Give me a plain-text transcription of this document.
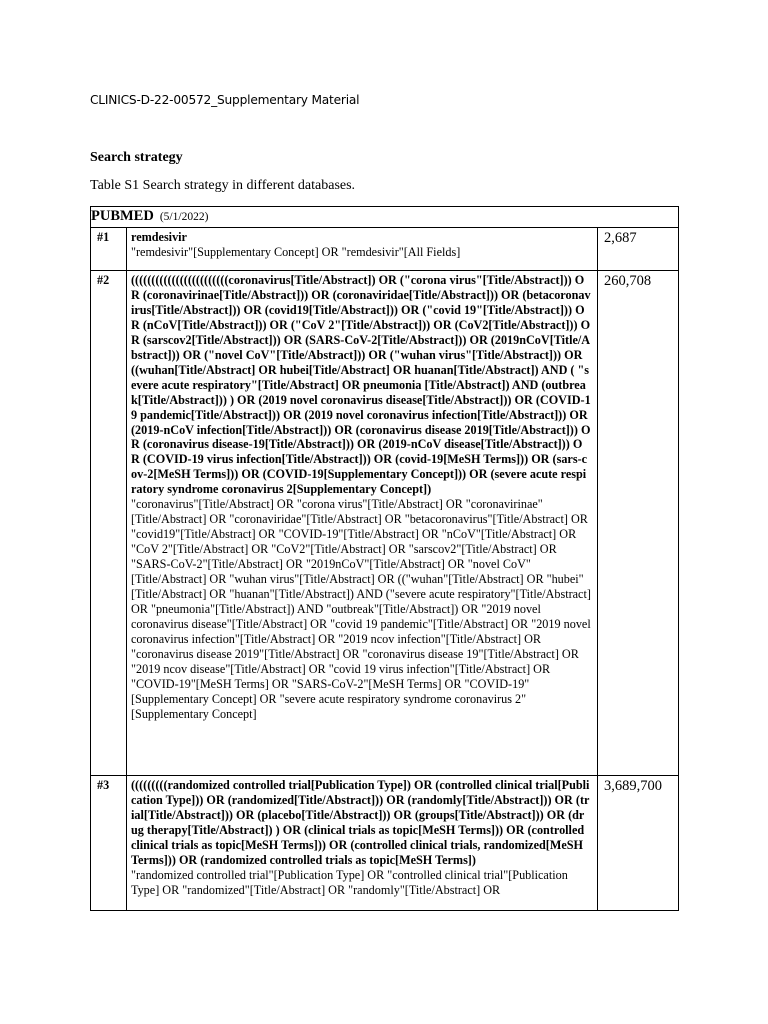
CLINICS-D-22-00572_Supplementary Material
Search strategy
Table S1 Search strategy in different databases.
PUBMED (5/1/2022)		
#1	remdesivir
"remdesivir"[Supplementary Concept] OR "remdesivir"[All Fields]	2,687
#2	((((((((((((((((((((((((coronavirus[Title/Abstract]) OR ("corona virus"[Title/Abstract])) OR (coronavirinae[Title/Abstract])) OR (coronaviridae[Title/Abstract])) OR (betacoronavirus[Title/Abstract])) OR (covid19[Title/Abstract])) OR ("covid 19"[Title/Abstract])) OR (nCoV[Title/Abstract])) OR ("CoV 2"[Title/Abstract])) OR (CoV2[Title/Abstract])) OR (sarscov2[Title/Abstract])) OR (SARS-CoV-2[Title/Abstract])) OR (2019nCoV[Title/Abstract])) OR ("novel CoV"[Title/Abstract])) OR ("wuhan virus"[Title/Abstract])) OR ((wuhan[Title/Abstract] OR hubei[Title/Abstract] OR huanan[Title/Abstract]) AND ( "severe acute respiratory"[Title/Abstract] OR pneumonia [Title/Abstract]) AND (outbreak[Title/Abstract])) ) OR (2019 novel coronavirus disease[Title/Abstract])) OR (COVID-19 pandemic[Title/Abstract])) OR (2019 novel coronavirus infection[Title/Abstract])) OR (2019-nCoV infection[Title/Abstract])) OR (coronavirus disease 2019[Title/Abstract])) OR (coronavirus disease-19[Title/Abstract])) OR (2019-nCoV disease[Title/Abstract])) OR (COVID-19 virus infection[Title/Abstract])) OR (covid-19[MeSH Terms])) OR (sars-cov-2[MeSH Terms])) OR (COVID-19[Supplementary Concept])) OR (severe acute respiratory syndrome coronavirus 2[Supplementary Concept])
"coronavirus"[Title/Abstract] OR "corona virus"[Title/Abstract] OR "coronavirinae"[Title/Abstract] OR "coronaviridae"[Title/Abstract] OR "betacoronavirus"[Title/Abstract] OR "covid19"[Title/Abstract] OR "COVID-19"[Title/Abstract] OR "nCoV"[Title/Abstract] OR "CoV 2"[Title/Abstract] OR "CoV2"[Title/Abstract] OR "sarscov2"[Title/Abstract] OR "SARS-CoV-2"[Title/Abstract] OR "2019nCoV"[Title/Abstract] OR "novel CoV"[Title/Abstract] OR "wuhan virus"[Title/Abstract] OR (("wuhan"[Title/Abstract] OR "hubei"[Title/Abstract] OR "huanan"[Title/Abstract]) AND ("severe acute respiratory"[Title/Abstract] OR "pneumonia"[Title/Abstract]) AND "outbreak"[Title/Abstract]) OR "2019 novel coronavirus disease"[Title/Abstract] OR "covid 19 pandemic"[Title/Abstract] OR "2019 novel coronavirus infection"[Title/Abstract] OR "2019 ncov infection"[Title/Abstract] OR "coronavirus disease 2019"[Title/Abstract] OR "coronavirus disease 19"[Title/Abstract] OR "2019 ncov disease"[Title/Abstract] OR "covid 19 virus infection"[Title/Abstract] OR "COVID-19"[MeSH Terms] OR "SARS-CoV-2"[MeSH Terms] OR "COVID-19"[Supplementary Concept] OR "severe acute respiratory syndrome coronavirus 2"[Supplementary Concept]	260,708
#3	(((((((((randomized controlled trial[Publication Type]) OR (controlled clinical trial[Publication Type])) OR (randomized[Title/Abstract])) OR (randomly[Title/Abstract])) OR (trial[Title/Abstract])) OR (placebo[Title/Abstract])) OR (groups[Title/Abstract])) OR (drug therapy[Title/Abstract]) ) OR (clinical trials as topic[MeSH Terms])) OR (controlled clinical trials as topic[MeSH Terms])) OR (controlled clinical trials, randomized[MeSH Terms])) OR (randomized controlled trials as topic[MeSH Terms])
"randomized controlled trial"[Publication Type] OR "controlled clinical trial"[Publication Type] OR "randomized"[Title/Abstract] OR "randomly"[Title/Abstract] OR	3,689,700
